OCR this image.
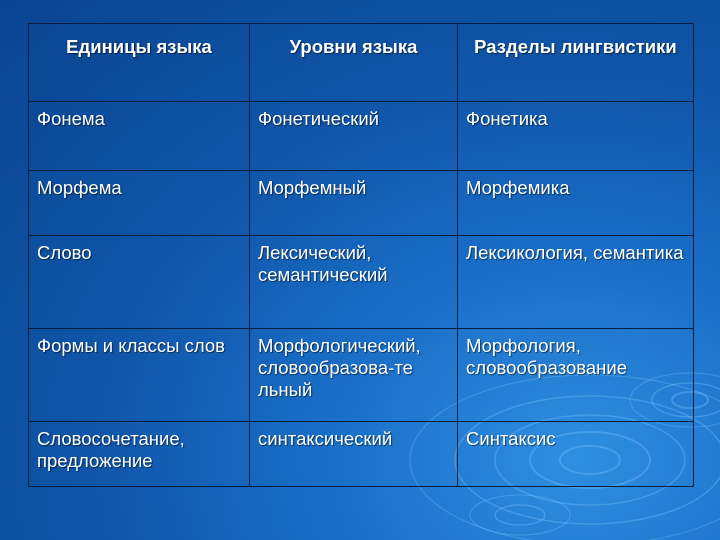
Единицы языка	Уровни языка	Разделы лингвистики
Фонема	Фонетический	Фонетика
Морфема	Морфемный	Морфемика
Слово	Лексический, семантический	Лексикология, семантика
Формы и классы слов	Морфологический, словообразова-те льный	Морфология, словообразование
Словосочетание, предложение	синтаксический	Синтаксис
